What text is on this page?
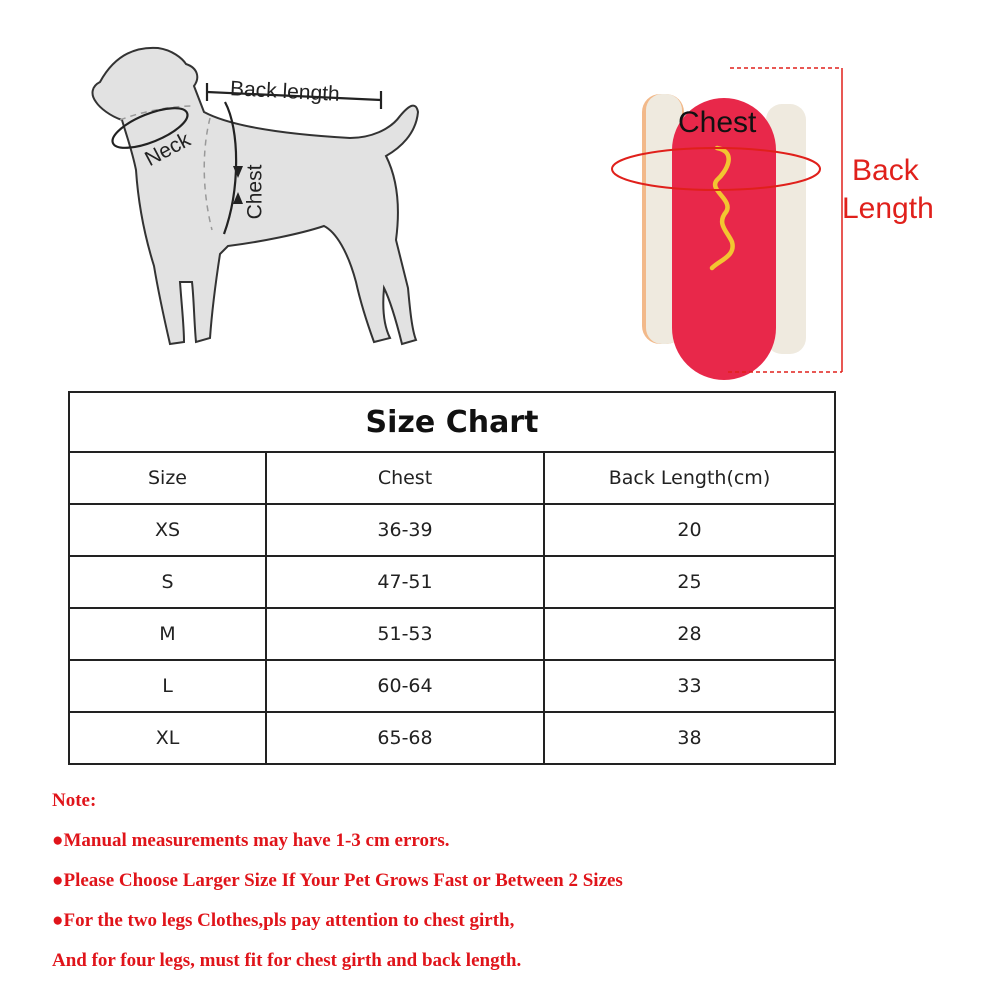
Back length
Neck
Chest
Chest
Back
Length
Size Chart		
Size	Chest	Back Length(cm)
XS	36-39	20
S	47-51	25
M	51-53	28
L	60-64	33
XL	65-68	38
Note:
●Manual measurements may have 1-3 cm errors.
●Please Choose Larger Size If Your Pet Grows Fast or Between 2 Sizes
●For the two legs Clothes,pls pay attention to chest girth,
And for four legs, must fit for chest girth and back length.
